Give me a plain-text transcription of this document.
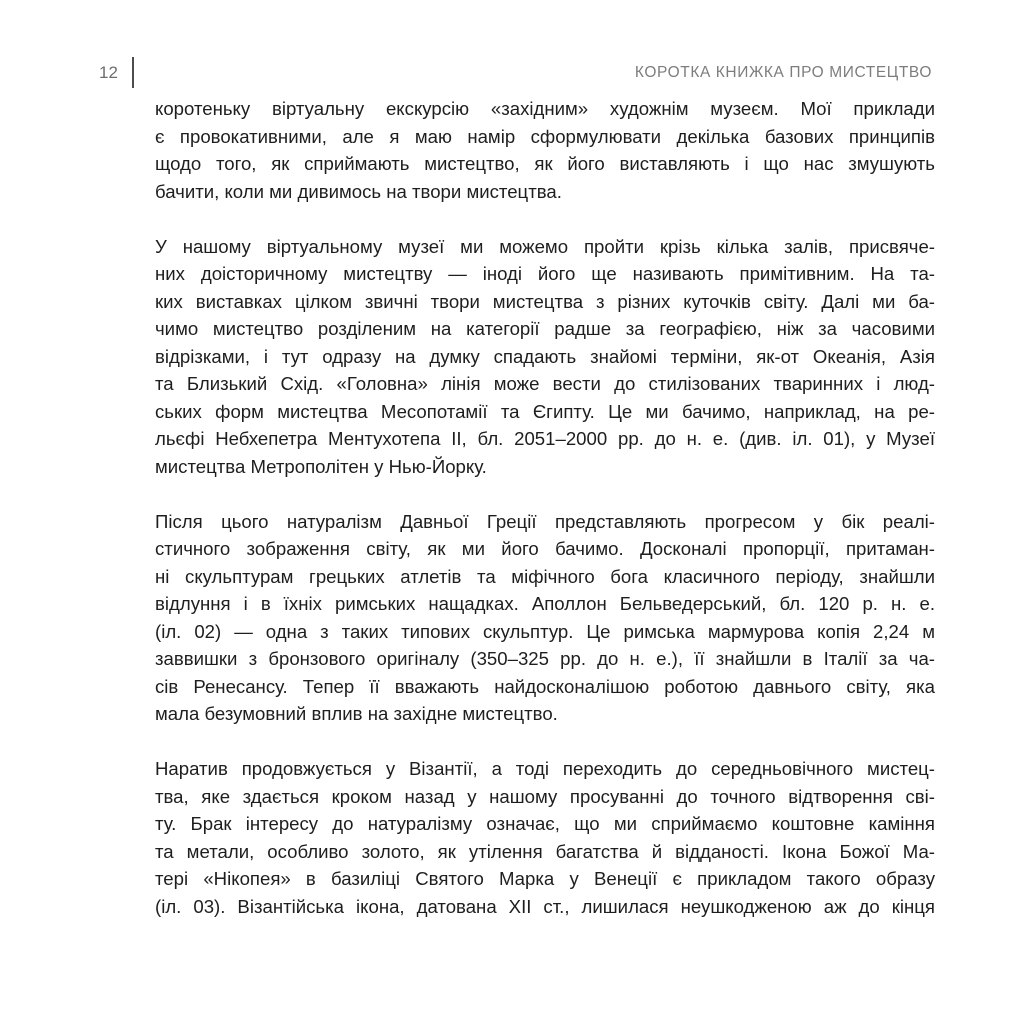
12	КОРОТКА КНИЖКА ПРО МИСТЕЦТВО
коротеньку віртуальну екскурсію «західним» художнім музеєм. Мої приклади
є провокативними, але я маю намір сформулювати декілька базових принципів
щодо того, як сприймають мистецтво, як його виставляють і що нас змушують
бачити, коли ми дивимось на твори мистецтва.
У нашому віртуальному музеї ми можемо пройти крізь кілька залів, присвяче-
них доісторичному мистецтву — іноді його ще називають примітивним. На та-
ких виставках цілком звичні твори мистецтва з різних куточків світу. Далі ми ба-
чимо мистецтво розділеним на категорії радше за географією, ніж за часовими
відрізками, і тут одразу на думку спадають знайомі терміни, як-от Океанія, Азія
та Близький Схід. «Головна» лінія може вести до стилізованих тваринних і люд-
ських форм мистецтва Месопотамії та Єгипту. Це ми бачимо, наприклад, на ре-
льєфі Небхепетра Ментухотепа II, бл. 2051–2000 рр. до н. е. (див. іл. 01), у Музеї
мистецтва Метрополітен у Нью-Йорку.
Після цього натуралізм Давньої Греції представляють прогресом у бік реалі-
стичного зображення світу, як ми його бачимо. Досконалі пропорції, притаман-
ні скульптурам грецьких атлетів та міфічного бога класичного періоду, знайшли
відлуння і в їхніх римських нащадках. Аполлон Бельведерський, бл. 120 р. н. е.
(іл. 02) — одна з таких типових скульптур. Це римська мармурова копія 2,24 м
заввишки з бронзового оригіналу (350–325 рр. до н. е.), її знайшли в Італії за ча-
сів Ренесансу. Тепер її вважають найдосконалішою роботою давнього світу, яка
мала безумовний вплив на західне мистецтво.
Наратив продовжується у Візантії, а тоді переходить до середньовічного мистец-
тва, яке здається кроком назад у нашому просуванні до точного відтворення сві-
ту. Брак інтересу до натуралізму означає, що ми сприймаємо коштовне каміння
та метали, особливо золото, як утілення багатства й відданості. Ікона Божої Ма-
тері «Нікопея» в базиліці Святого Марка у Венеції є прикладом такого образу
(іл. 03). Візантійська ікона, датована XII ст., лишилася неушкодженою аж до кінця
